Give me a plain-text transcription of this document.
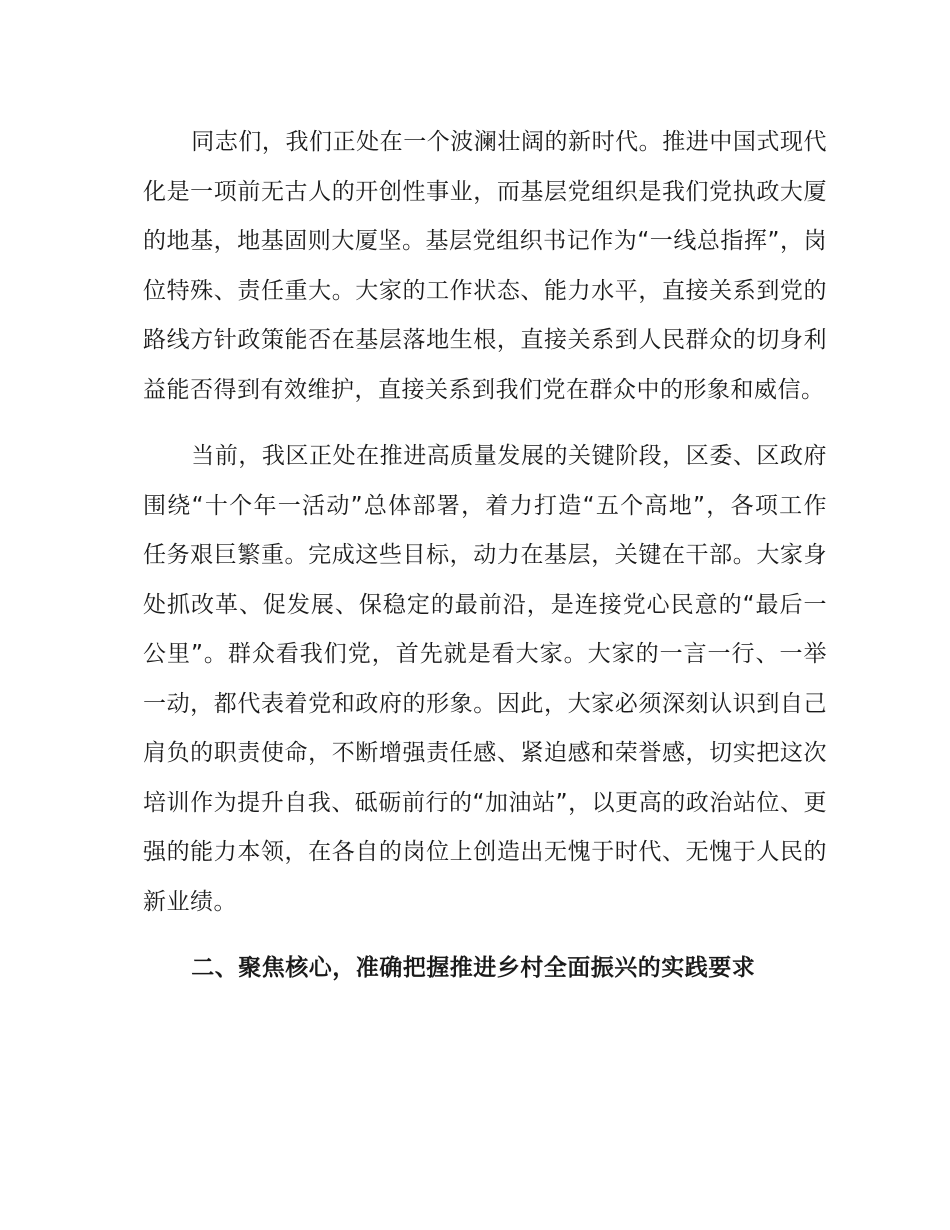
同志们，我们正处在一个波澜壮阔的新时代。推进中国式现代化是一项前无古人的开创性事业，而基层党组织是我们党执政大厦的地基，地基固则大厦坚。基层党组织书记作为“一线总指挥”，岗位特殊、责任重大。大家的工作状态、能力水平，直接关系到党的路线方针政策能否在基层落地生根，直接关系到人民群众的切身利益能否得到有效维护，直接关系到我们党在群众中的形象和威信。

当前，我区正处在推进高质量发展的关键阶段，区委、区政府围绕“十个年一活动”总体部署，着力打造“五个高地”，各项工作任务艰巨繁重。完成这些目标，动力在基层，关键在干部。大家身处抓改革、促发展、保稳定的最前沿，是连接党心民意的“最后一公里”。群众看我们党，首先就是看大家。大家的一言一行、一举一动，都代表着党和政府的形象。因此，大家必须深刻认识到自己肩负的职责使命，不断增强责任感、紧迫感和荣誉感，切实把这次培训作为提升自我、砥砺前行的“加油站”，以更高的政治站位、更强的能力本领，在各自的岗位上创造出无愧于时代、无愧于人民的新业绩。

二、聚焦核心，准确把握推进乡村全面振兴的实践要求
